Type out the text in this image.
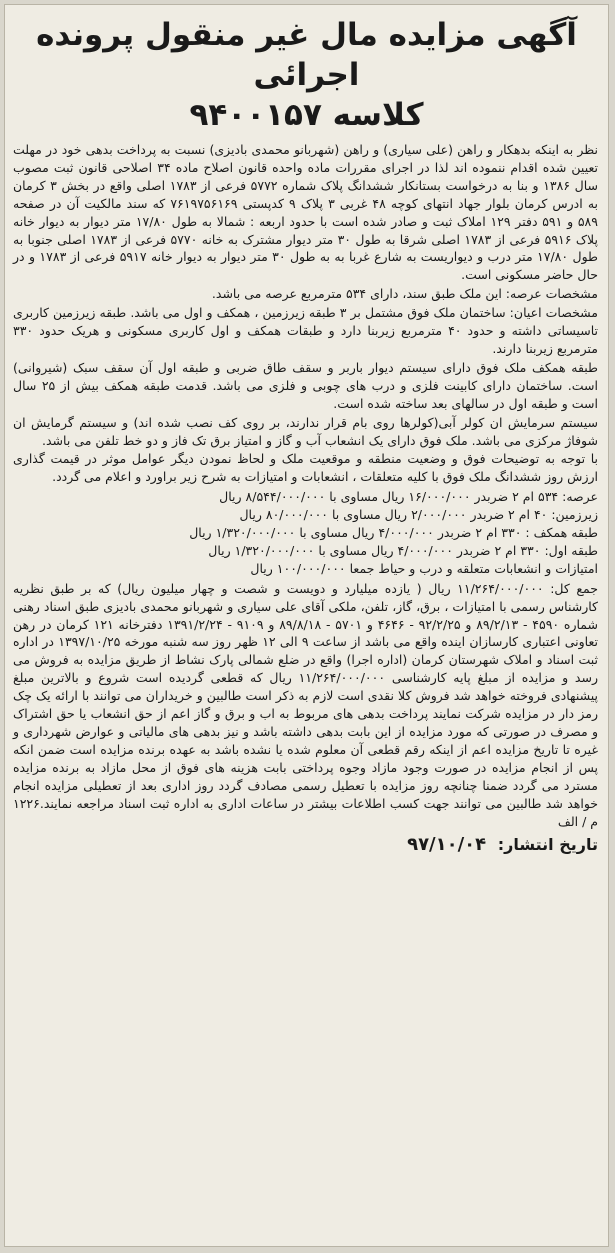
آگهی مزایده مال غیر منقول پرونده اجرائی
کلاسه ۹۴۰۰۱۵۷

نظر به اینکه بدهکار و راهن (علی سیاری) و راهن (شهربانو محمدی بادیزی) نسبت به پرداخت بدهی خود در مهلت تعیین شده اقدام ننموده اند لذا در اجرای مقررات ماده واحده قانون اصلاح ماده ۳۴ اصلاحی قانون ثبت مصوب سال ۱۳۸۶ و بنا به درخواست بستانکار ششدانگ پلاک شماره ۵۷۷۲ فرعی از ۱۷۸۳ اصلی واقع در بخش ۳ کرمان به ادرس کرمان بلوار جهاد انتهای کوچه ۴۸ غربی ۳ پلاک ۹ کدپستی ۷۶۱۹۷۵۶۱۶۹ که سند مالکیت آن در صفحه ۵۸۹ و ۵۹۱ دفتر ۱۲۹ املاک ثبت و صادر شده است با حدود اربعه : شمالا به طول ۱۷/۸۰ متر دیوار به دیوار خانه پلاک ۵۹۱۶ فرعی از ۱۷۸۳ اصلی شرقا به طول ۳۰ متر دیوار مشترک به خانه ۵۷۷۰ فرعی از ۱۷۸۳ اصلی جنوبا به طول ۱۷/۸۰ متر درب و دیواریست به شارع غربا به به طول ۳۰ متر دیوار به دیوار خانه ۵۹۱۷ فرعی از ۱۷۸۳ و در حال حاضر مسکونی است.

مشخصات عرصه: این ملک طبق سند، دارای ۵۳۴ مترمربع عرصه می باشد.

مشخصات اعیان: ساختمان ملک فوق مشتمل بر ۳ طبقه زیرزمین ، همکف و اول می باشد. طبقه زیرزمین کاربری تاسیساتی داشته و حدود ۴۰ مترمربع زیربنا دارد و طبقات همکف و اول کاربری مسکونی و هریک حدود ۳۳۰ مترمربع زیربنا دارند.

طبقه همکف ملک فوق دارای سیستم دیوار باربر و سقف طاق ضربی و طبقه اول آن سقف سبک (شیروانی) است. ساختمان دارای کابینت فلزی و درب های چوبی و فلزی می باشد. قدمت طبقه همکف بیش از ۲۵ سال است و طبقه اول در سالهای بعد ساخته شده است.

سیستم سرمایش ان کولر آبی(کولرها روی بام قرار ندارند، بر روی کف نصب شده اند) و سیستم گرمایش ان شوفاژ مرکزی می باشد. ملک فوق دارای یک انشعاب آب و گاز و امتیاز برق تک فاز و دو خط تلفن می باشد.

با توجه به توضیحات فوق و وضعیت منطقه و موقعیت ملک و لحاظ نمودن دیگر عوامل موثر در قیمت گذاری ارزش روز ششدانگ ملک فوق با کلیه متعلقات ، انشعابات و امتیازات به شرح زیر براورد و اعلام می گردد.

عرصه: ۵۳۴ ام ۲ ضربدر ۱۶/۰۰۰/۰۰۰ ریال مساوی با ۸/۵۴۴/۰۰۰/۰۰۰ ریال
زیرزمین: ۴۰ ام ۲ ضربدر ۲/۰۰۰/۰۰۰ ریال مساوی با ۸۰/۰۰۰/۰۰۰ ریال
طبقه همکف : ۳۳۰ ام ۲ ضربدر ۴/۰۰۰/۰۰۰ ریال مساوی با ۱/۳۲۰/۰۰۰/۰۰۰ ریال
طبقه اول: ۳۳۰ ام ۲ ضربدر ۴/۰۰۰/۰۰۰ ریال مساوی با ۱/۳۲۰/۰۰۰/۰۰۰ ریال
امتیازات و انشعابات متعلقه و درب و حیاط جمعا ۱۰۰/۰۰۰/۰۰۰ ریال

جمع کل: ۱۱/۲۶۴/۰۰۰/۰۰۰ ریال ( یازده میلیارد و دویست و شصت و چهار میلیون ریال) که بر طبق نظریه کارشناس رسمی با امتیازات ، برق، گاز، تلفن، ملکی آقای علی سیاری و شهربانو محمدی بادیزی طبق اسناد رهنی شماره ۴۵۹۰ - ۸۹/۲/۱۳ و ۹۲/۲/۲۵ - ۴۶۴۶ و ۵۷۰۱ - ۸۹/۸/۱۸ و ۹۱۰۹ - ۱۳۹۱/۲/۲۴ دفترخانه ۱۲۱ کرمان در رهن تعاونی اعتباری کارسازان اینده واقع می باشد از ساعت ۹ الی ۱۲ ظهر روز سه شنبه مورخه ۱۳۹۷/۱۰/۲۵ در اداره ثبت اسناد و املاک شهرستان کرمان (اداره اجرا) واقع در ضلع شمالی پارک نشاط از طریق مزایده به فروش می رسد و مزایده از مبلغ پایه کارشناسی ۱۱/۲۶۴/۰۰۰/۰۰۰ ریال که قطعی گردیده است شروع و بالاترین مبلغ پیشنهادی فروخته خواهد شد فروش کلا نقدی است لازم به ذکر است طالبین و خریداران می توانند با ارائه یک چک رمز دار در مزایده شرکت نمایند پرداخت بدهی های مربوط به اب و برق و گاز اعم از حق انشعاب یا حق اشتراک و مصرف در صورتی که مورد مزایده از این بابت بدهی داشته باشد و نیز بدهی های مالیاتی و عوارض شهرداری و غیره تا تاریخ مزایده اعم از اینکه رقم قطعی آن معلوم شده یا نشده باشد به عهده برنده مزایده است ضمن انکه پس از انجام مزایده در صورت وجود مازاد وجوه پرداختی بابت هزینه های فوق از محل مازاد به برنده مزایده مسترد می گردد ضمنا چنانچه روز مزایده با تعطیل رسمی مصادف گردد روز اداری بعد از تعطیلی مزایده انجام خواهد شد طالبین می توانند جهت کسب اطلاعات بیشتر در ساعات اداری به اداره ثبت اسناد مراجعه نمایند.۱۲۲۶ م / الف

تاریخ انتشار: ۹۷/۱۰/۰۴
